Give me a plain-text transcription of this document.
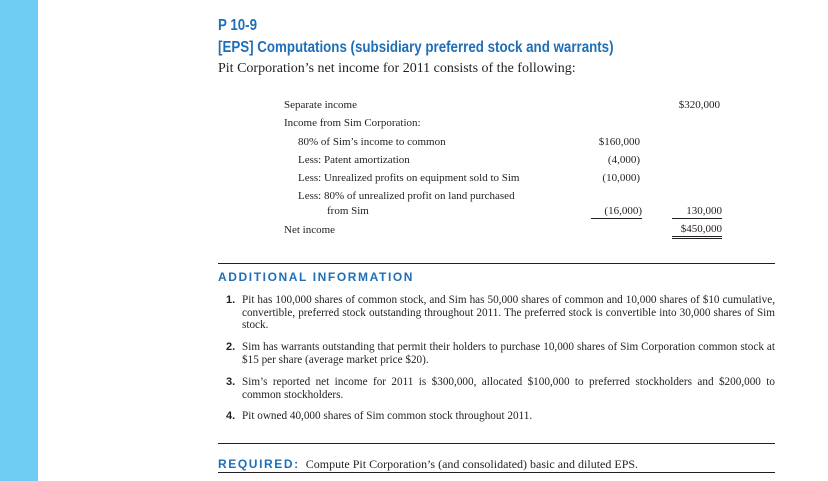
P 10-9
[EPS] Computations (subsidiary preferred stock and warrants)
Pit Corporation’s net income for 2011 consists of the following:
Separate income	$320,000
Income from Sim Corporation:
80% of Sim’s income to common	$160,000
Less: Patent amortization	(4,000)
Less: Unrealized profits on equipment sold to Sim	(10,000)
Less: 80% of unrealized profit on land purchased
from Sim	(16,000)	130,000
Net income	$450,000
ADDITIONAL INFORMATION
1. Pit has 100,000 shares of common stock, and Sim has 50,000 shares of common and 10,000 shares of $10 cumulative, convertible, preferred stock outstanding throughout 2011. The preferred stock is convertible into 30,000 shares of Sim stock.
2. Sim has warrants outstanding that permit their holders to purchase 10,000 shares of Sim Corporation common stock at $15 per share (average market price $20).
3. Sim’s reported net income for 2011 is $300,000, allocated $100,000 to preferred stockholders and $200,000 to common stockholders.
4. Pit owned 40,000 shares of Sim common stock throughout 2011.
REQUIRED: Compute Pit Corporation’s (and consolidated) basic and diluted EPS.
